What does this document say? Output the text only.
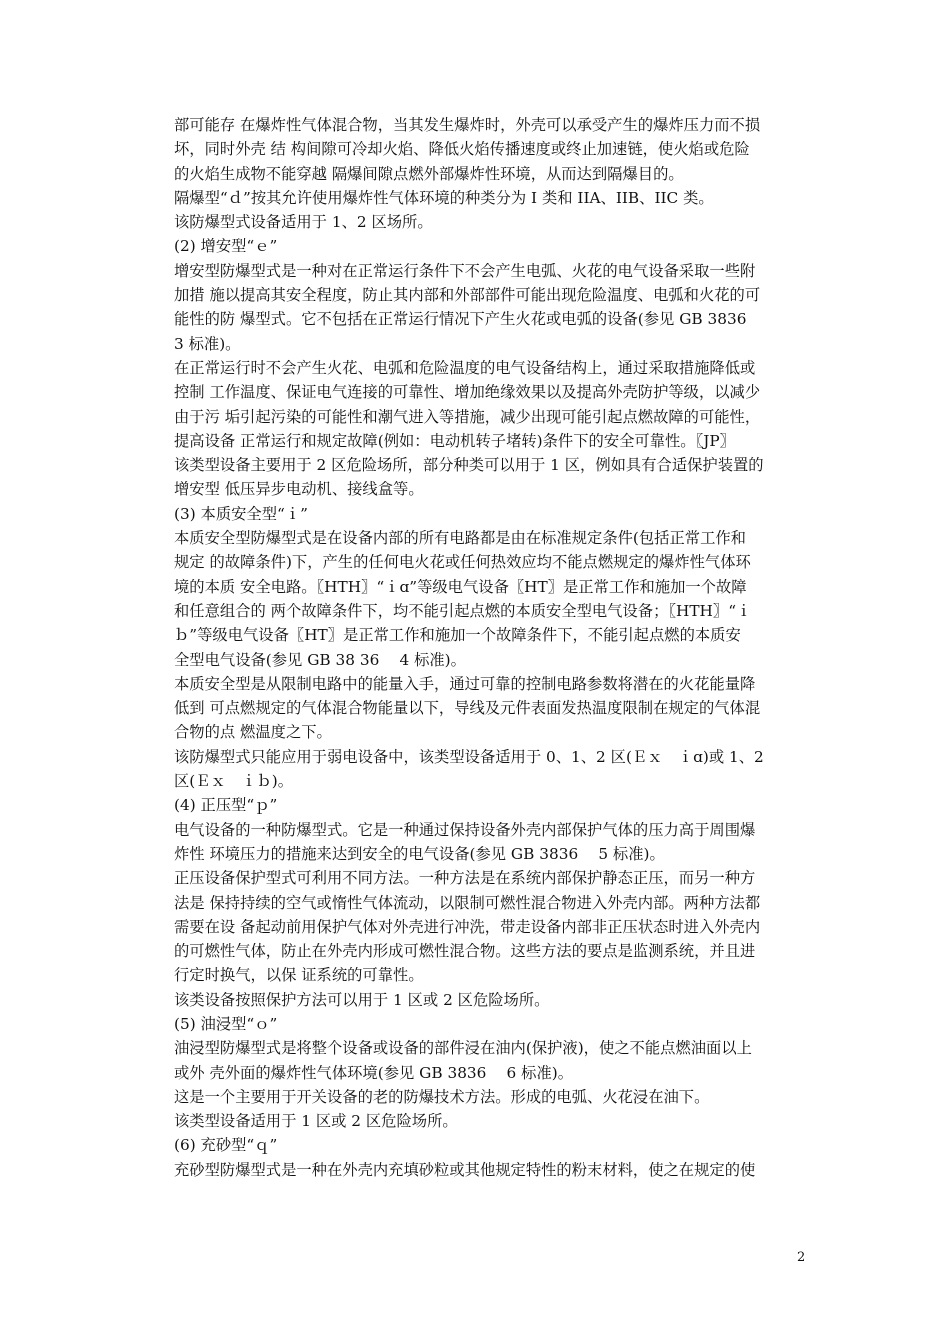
部可能存 在爆炸性气体混合物，当其发生爆炸时，外壳可以承受产生的爆炸压力而不损
坏，同时外壳 结 构间隙可冷却火焰、降低火焰传播速度或终止加速链，使火焰或危险
的火焰生成物不能穿越 隔爆间隙点燃外部爆炸性环境，从而达到隔爆目的。
隔爆型“ｄ”按其允许使用爆炸性气体环境的种类分为 I 类和 IIA、IIB、IIC 类。
该防爆型式设备适用于 1、2 区场所。
(2) 增安型“ｅ”
增安型防爆型式是一种对在正常运行条件下不会产生电弧、火花的电气设备采取一些附
加措 施以提高其安全程度，防止其内部和外部部件可能出现危险温度、电弧和火花的可
能性的防 爆型式。它不包括在正常运行情况下产生火花或电弧的设备(参见 GB 3836
3 标准)。
在正常运行时不会产生火花、电弧和危险温度的电气设备结构上，通过采取措施降低或
控制 工作温度、保证电气连接的可靠性、增加绝缘效果以及提高外壳防护等级，以减少
由于污 垢引起污染的可能性和潮气进入等措施，减少出现可能引起点燃故障的可能性，
提高设备 正常运行和规定故障(例如：电动机转子堵转)条件下的安全可靠性。〖JP〗
该类型设备主要用于 2 区危险场所，部分种类可以用于 1 区，例如具有合适保护装置的
增安型 低压异步电动机、接线盒等。
(3) 本质安全型“ｉ”
本质安全型防爆型式是在设备内部的所有电路都是由在标准规定条件(包括正常工作和
规定 的故障条件)下，产生的任何电火花或任何热效应均不能点燃规定的爆炸性气体环
境的本质 安全电路。〖HTH〗“ｉɑ”等级电气设备〖HT〗是正常工作和施加一个故障
和任意组合的 两个故障条件下，均不能引起点燃的本质安全型电气设备；〖HTH〗“ｉ
ｂ”等级电气设备〖HT〗是正常工作和施加一个故障条件下，不能引起点燃的本质安
全型电气设备(参见 GB 38 36　 4 标准)。
本质安全型是从限制电路中的能量入手，通过可靠的控制电路参数将潜在的火花能量降
低到 可点燃规定的气体混合物能量以下，导线及元件表面发热温度限制在规定的气体混
合物的点 燃温度之下。
该防爆型式只能应用于弱电设备中，该类型设备适用于 0、1、2 区(Ｅｘ　ｉɑ)或 1、2
区(Ｅｘ　ｉｂ)。
(4) 正压型“ｐ”
电气设备的一种防爆型式。它是一种通过保持设备外壳内部保护气体的压力高于周围爆
炸性 环境压力的措施来达到安全的电气设备(参见 GB 3836　 5 标准)。
正压设备保护型式可利用不同方法。一种方法是在系统内部保护静态正压，而另一种方
法是 保持持续的空气或惰性气体流动，以限制可燃性混合物进入外壳内部。两种方法都
需要在设 备起动前用保护气体对外壳进行冲洗，带走设备内部非正压状态时进入外壳内
的可燃性气体，防止在外壳内形成可燃性混合物。这些方法的要点是监测系统，并且进
行定时换气，以保 证系统的可靠性。
该类设备按照保护方法可以用于 1 区或 2 区危险场所。
(5) 油浸型“ｏ”
油浸型防爆型式是将整个设备或设备的部件浸在油内(保护液)，使之不能点燃油面以上
或外 壳外面的爆炸性气体环境(参见 GB 3836　 6 标准)。
这是一个主要用于开关设备的老的防爆技术方法。形成的电弧、火花浸在油下。
该类型设备适用于 1 区或 2 区危险场所。
(6) 充砂型“ｑ”
充砂型防爆型式是一种在外壳内充填砂粒或其他规定特性的粉末材料，使之在规定的使
2
